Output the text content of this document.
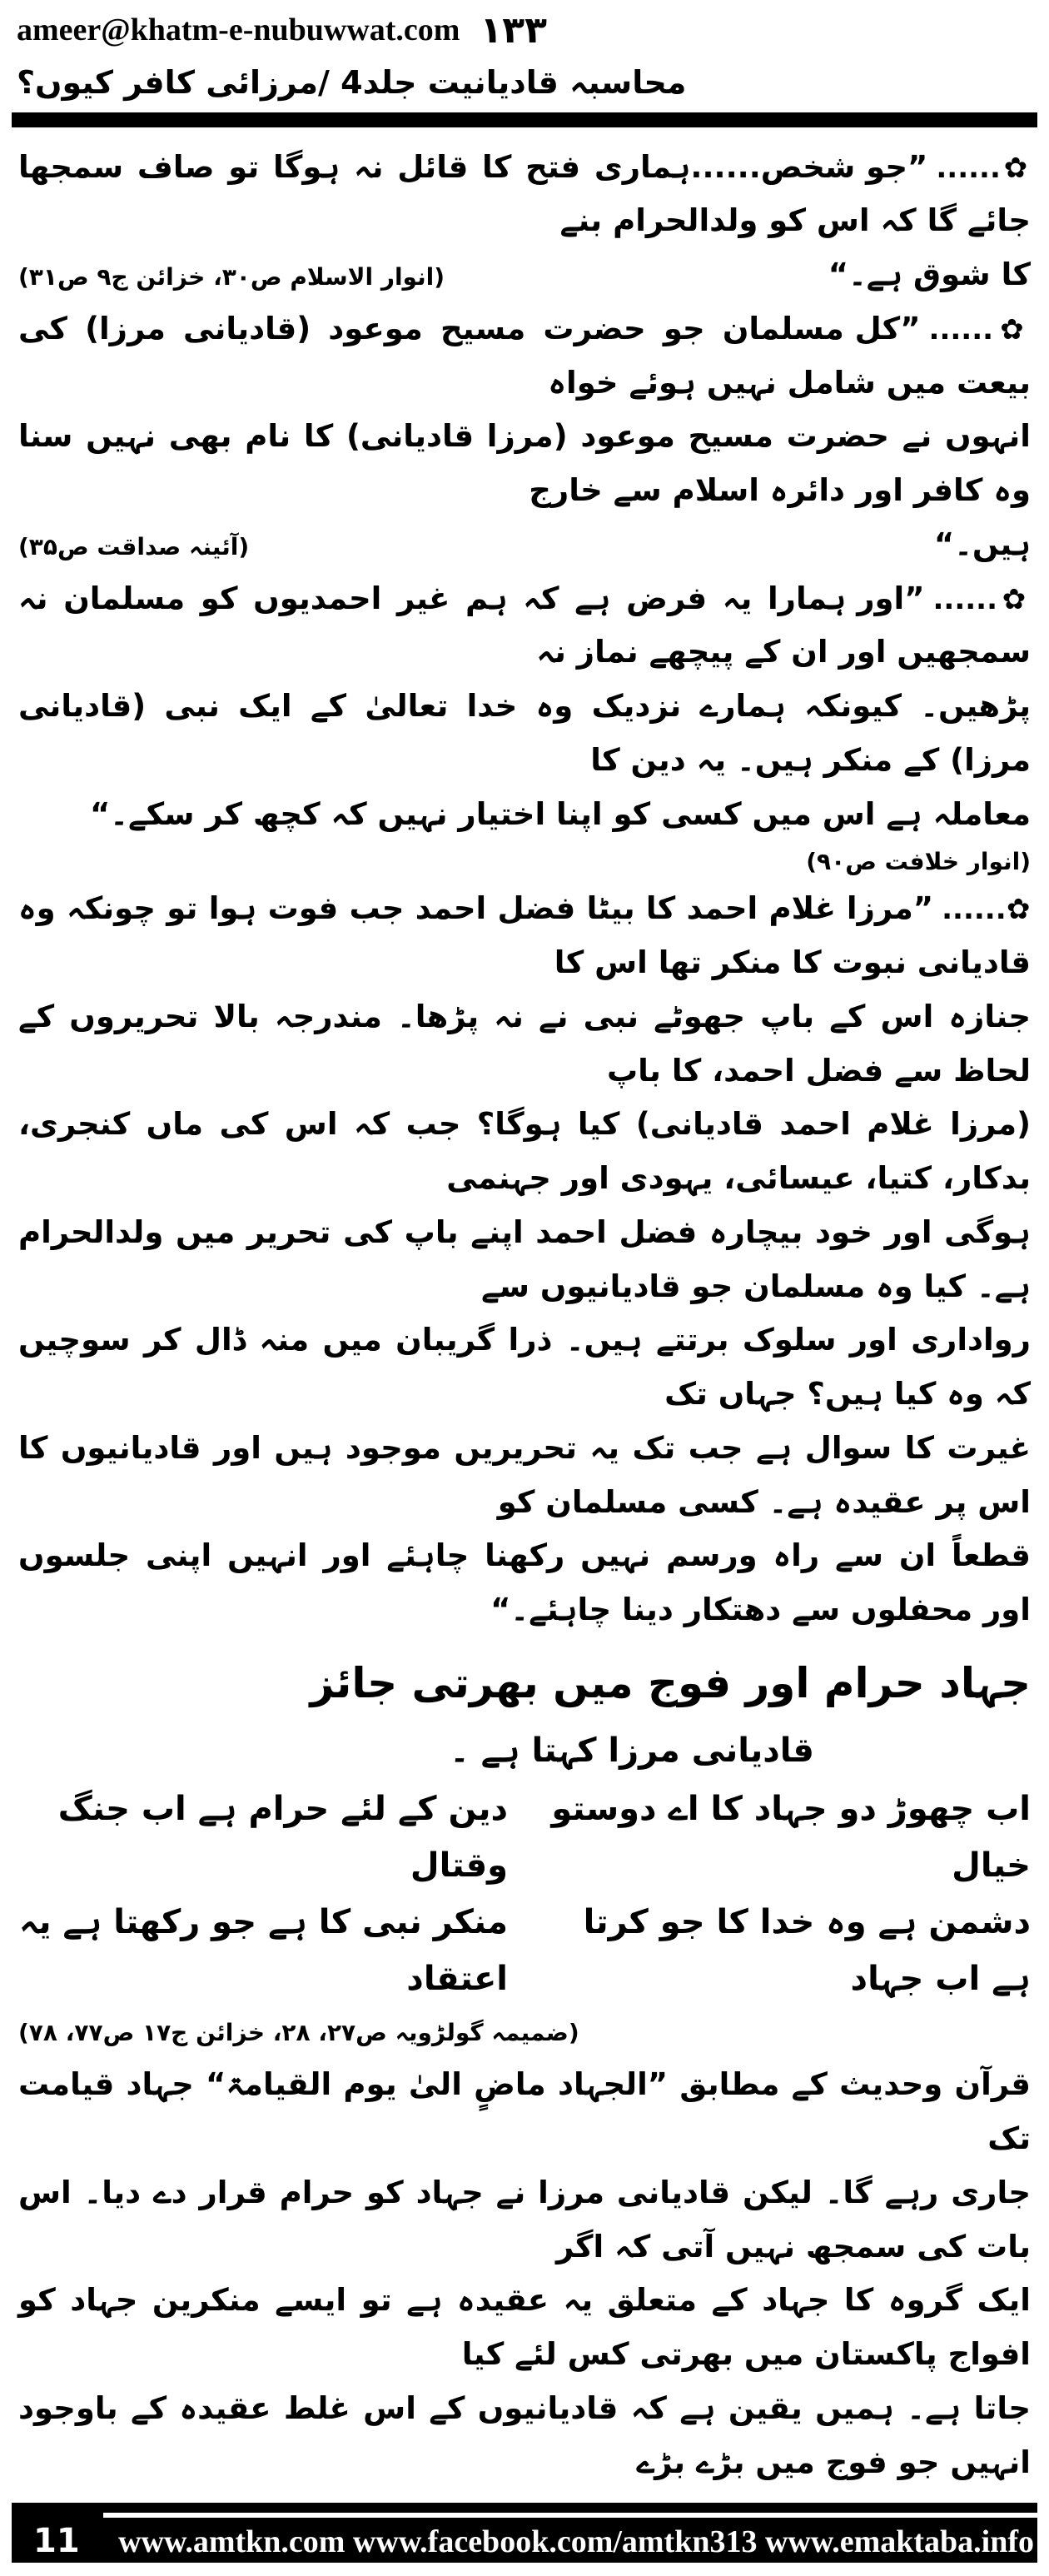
ameer@khatm-e-nubuwwat.com ۱۳۳
محاسبہ قادیانیت جلد4 /مرزائی کافر کیوں؟
✿......”جو شخص......ہماری فتح کا قائل نہ ہوگا تو صاف سمجھا جائے گا کہ اس کو ولدالحرام بنے
کا شوق ہے۔“
(انوار الاسلام ص۳۰، خزائن ج۹ ص۳۱)
✿......”کل مسلمان جو حضرت مسیح موعود (قادیانی مرزا) کی بیعت میں شامل نہیں ہوئے خواہ
انہوں نے حضرت مسیح موعود (مرزا قادیانی) کا نام بھی نہیں سنا وہ کافر اور دائرہ اسلام سے خارج
ہیں۔“
(آئینہ صداقت ص۳۵)
✿......”اور ہمارا یہ فرض ہے کہ ہم غیر احمدیوں کو مسلمان نہ سمجھیں اور ان کے پیچھے نماز نہ
پڑھیں۔ کیونکہ ہمارے نزدیک وہ خدا تعالیٰ کے ایک نبی (قادیانی مرزا) کے منکر ہیں۔ یہ دین کا
معاملہ ہے اس میں کسی کو اپنا اختیار نہیں کہ کچھ کر سکے۔“
(انوار خلافت ص۹۰)
✿......”مرزا غلام احمد کا بیٹا فضل احمد جب فوت ہوا تو چونکہ وہ قادیانی نبوت کا منکر تھا اس کا
جنازہ اس کے باپ جھوٹے نبی نے نہ پڑھا۔ مندرجہ بالا تحریروں کے لحاظ سے فضل احمد، کا باپ
(مرزا غلام احمد قادیانی) کیا ہوگا؟ جب کہ اس کی ماں کنجری، بدکار، کتیا، عیسائی، یہودی اور جہنمی
ہوگی اور خود بیچارہ فضل احمد اپنے باپ کی تحریر میں ولدالحرام ہے۔ کیا وہ مسلمان جو قادیانیوں سے
رواداری اور سلوک برتتے ہیں۔ ذرا گریبان میں منہ ڈال کر سوچیں کہ وہ کیا ہیں؟ جہاں تک
غیرت کا سوال ہے جب تک یہ تحریریں موجود ہیں اور قادیانیوں کا اس پر عقیدہ ہے۔ کسی مسلمان کو
قطعاً ان سے راہ ورسم نہیں رکھنا چاہئے اور انہیں اپنی جلسوں اور محفلوں سے دھتکار دینا چاہئے۔“
جہاد حرام اور فوج میں بھرتی جائز
قادیانی مرزا کہتا ہے ۔
اب چھوڑ دو جہاد کا اے دوستو خیال
دین کے لئے حرام ہے اب جنگ وقتال
دشمن ہے وہ خدا کا جو کرتا ہے اب جہاد
منکر نبی کا ہے جو رکھتا ہے یہ اعتقاد
(ضمیمہ گولڑویہ ص۲۷، ۲۸، خزائن ج۱۷ ص۷۷، ۷۸)
قرآن وحدیث کے مطابق ”الجہاد ماضٍ الیٰ یوم القیامۃ“ جہاد قیامت تک
جاری رہے گا۔ لیکن قادیانی مرزا نے جہاد کو حرام قرار دے دیا۔ اس بات کی سمجھ نہیں آتی کہ اگر
ایک گروہ کا جہاد کے متعلق یہ عقیدہ ہے تو ایسے منکرین جہاد کو افواج پاکستان میں بھرتی کس لئے کیا
جاتا ہے۔ ہمیں یقین ہے کہ قادیانیوں کے اس غلط عقیدہ کے باوجود انہیں جو فوج میں بڑے بڑے
11 www.amtkn.com www.facebook.com/amtkn313 www.emaktaba.info
